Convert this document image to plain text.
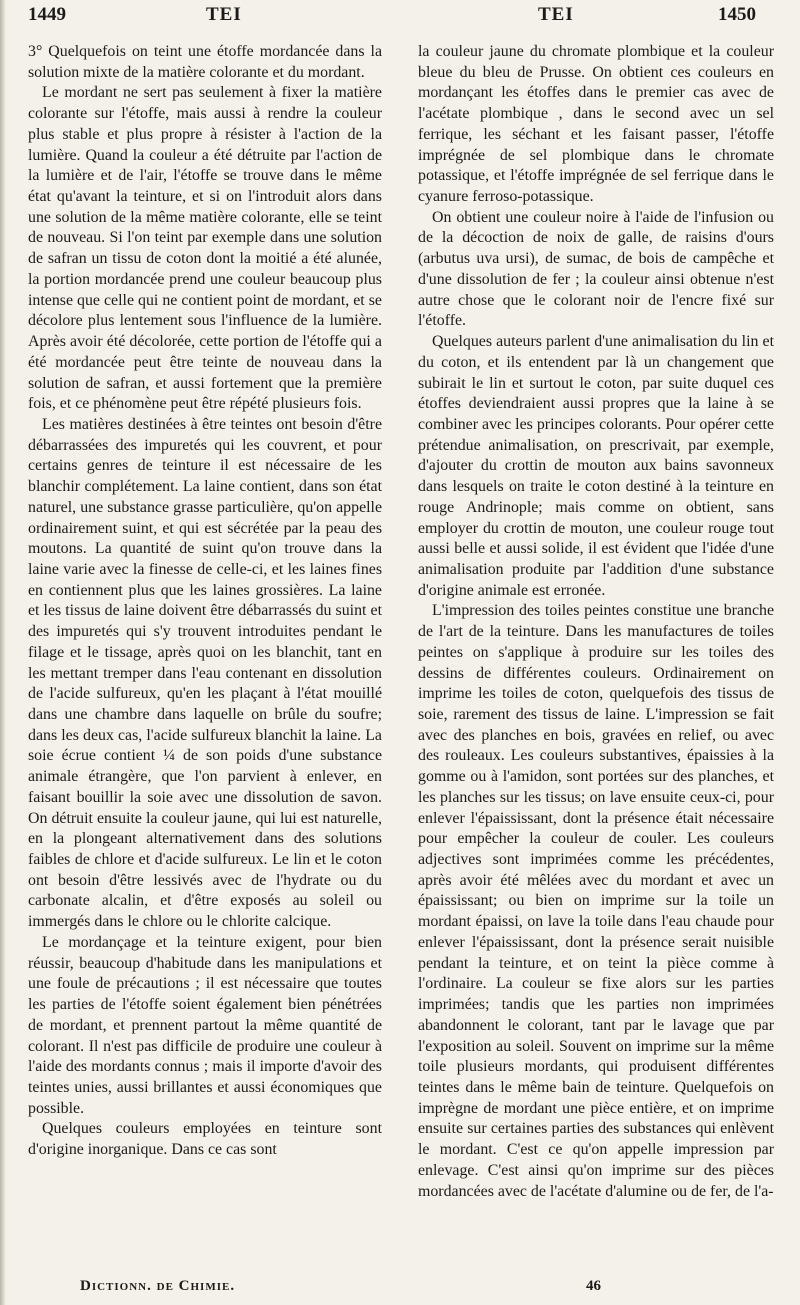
1449	TEI	TEI	1450

3° Quelquefois on teint une étoffe mordancée dans la solution mixte de la matière colorante et du mordant.

Le mordant ne sert pas seulement à fixer la matière colorante sur l'étoffe, mais aussi à rendre la couleur plus stable et plus propre à résister à l'action de la lumière. Quand la couleur a été détruite par l'action de la lumière et de l'air, l'étoffe se trouve dans le même état qu'avant la teinture, et si on l'introduit alors dans une solution de la même matière colorante, elle se teint de nouveau. Si l'on teint par exemple dans une solution de safran un tissu de coton dont la moitié a été alunée, la portion mordancée prend une couleur beaucoup plus intense que celle qui ne contient point de mordant, et se décolore plus lentement sous l'influence de la lumière. Après avoir été décolorée, cette portion de l'étoffe qui a été mordancée peut être teinte de nouveau dans la solution de safran, et aussi fortement que la première fois, et ce phénomène peut être répété plusieurs fois.

Les matières destinées à être teintes ont besoin d'être débarrassées des impuretés qui les couvrent, et pour certains genres de teinture il est nécessaire de les blanchir complétement. La laine contient, dans son état naturel, une substance grasse particulière, qu'on appelle ordinairement suint, et qui est sécrétée par la peau des moutons. La quantité de suint qu'on trouve dans la laine varie avec la finesse de celle-ci, et les laines fines en contiennent plus que les laines grossières. La laine et les tissus de laine doivent être débarrassés du suint et des impuretés qui s'y trouvent introduites pendant le filage et le tissage, après quoi on les blanchit, tant en les mettant tremper dans l'eau contenant en dissolution de l'acide sulfureux, qu'en les plaçant à l'état mouillé dans une chambre dans laquelle on brûle du soufre; dans les deux cas, l'acide sulfureux blanchit la laine. La soie écrue contient ¼ de son poids d'une substance animale étrangère, que l'on parvient à enlever, en faisant bouillir la soie avec une dissolution de savon. On détruit ensuite la couleur jaune, qui lui est naturelle, en la plongeant alternativement dans des solutions faibles de chlore et d'acide sulfureux. Le lin et le coton ont besoin d'être lessivés avec de l'hydrate ou du carbonate alcalin, et d'être exposés au soleil ou immergés dans le chlore ou le chlorite calcique.

Le mordançage et la teinture exigent, pour bien réussir, beaucoup d'habitude dans les manipulations et une foule de précautions ; il est nécessaire que toutes les parties de l'étoffe soient également bien pénétrées de mordant, et prennent partout la même quantité de colorant. Il n'est pas difficile de produire une couleur à l'aide des mordants connus ; mais il importe d'avoir des teintes unies, aussi brillantes et aussi économiques que possible.

Quelques couleurs employées en teinture sont d'origine inorganique. Dans ce cas sont

la couleur jaune du chromate plombique et la couleur bleue du bleu de Prusse. On obtient ces couleurs en mordançant les étoffes dans le premier cas avec de l'acétate plombique , dans le second avec un sel ferrique, les séchant et les faisant passer, l'étoffe imprégnée de sel plombique dans le chromate potassique, et l'étoffe imprégnée de sel ferrique dans le cyanure ferroso-potassique.

On obtient une couleur noire à l'aide de l'infusion ou de la décoction de noix de galle, de raisins d'ours (arbutus uva ursi), de sumac, de bois de campêche et d'une dissolution de fer ; la couleur ainsi obtenue n'est autre chose que le colorant noir de l'encre fixé sur l'étoffe.

Quelques auteurs parlent d'une animalisation du lin et du coton, et ils entendent par là un changement que subirait le lin et surtout le coton, par suite duquel ces étoffes deviendraient aussi propres que la laine à se combiner avec les principes colorants. Pour opérer cette prétendue animalisation, on prescrivait, par exemple, d'ajouter du crottin de mouton aux bains savonneux dans lesquels on traite le coton destiné à la teinture en rouge Andrinople; mais comme on obtient, sans employer du crottin de mouton, une couleur rouge tout aussi belle et aussi solide, il est évident que l'idée d'une animalisation produite par l'addition d'une substance d'origine animale est erronée.

L'impression des toiles peintes constitue une branche de l'art de la teinture. Dans les manufactures de toiles peintes on s'applique à produire sur les toiles des dessins de différentes couleurs. Ordinairement on imprime les toiles de coton, quelquefois des tissus de soie, rarement des tissus de laine. L'impression se fait avec des planches en bois, gravées en relief, ou avec des rouleaux. Les couleurs substantives, épaissies à la gomme ou à l'amidon, sont portées sur des planches, et les planches sur les tissus; on lave ensuite ceux-ci, pour enlever l'épaississant, dont la présence était nécessaire pour empêcher la couleur de couler. Les couleurs adjectives sont imprimées comme les précédentes, après avoir été mêlées avec du mordant et avec un épaississant; ou bien on imprime sur la toile un mordant épaissi, on lave la toile dans l'eau chaude pour enlever l'épaississant, dont la présence serait nuisible pendant la teinture, et on teint la pièce comme à l'ordinaire. La couleur se fixe alors sur les parties imprimées; tandis que les parties non imprimées abandonnent le colorant, tant par le lavage que par l'exposition au soleil. Souvent on imprime sur la même toile plusieurs mordants, qui produisent différentes teintes dans le même bain de teinture. Quelquefois on imprègne de mordant une pièce entière, et on imprime ensuite sur certaines parties des substances qui enlèvent le mordant. C'est ce qu'on appelle impression par enlevage. C'est ainsi qu'on imprime sur des pièces mordancées avec de l'acétate d'alumine ou de fer, de l'a-

Dictionn. de Chimie.	46
